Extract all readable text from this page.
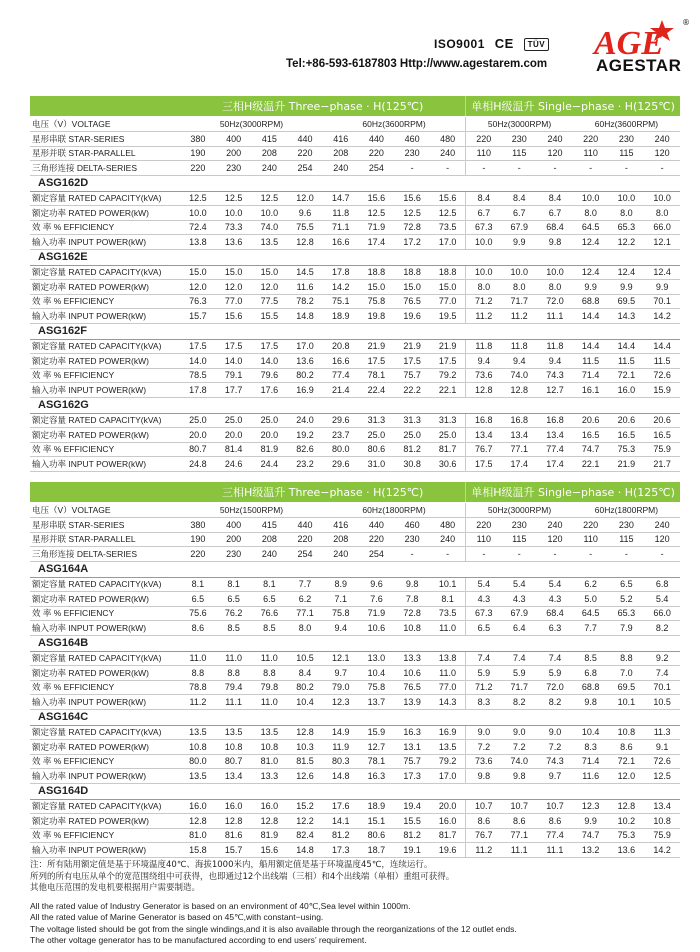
ISO9001 CE TÜV
Tel:+86-593-6187803 Http://www.agestarem.com
AGE
®
AGESTAR
	三相H级温升 Three−phase · H(125℃)								单相H级温升 Single−phase · H(125℃)					
电压（V）VOLTAGE	50Hz(3000RPM)				60Hz(3600RPM)				50Hz(3000RPM)			60Hz(3600RPM)		
星形串联 STAR-SERIES	380	400	415	440	416	440	460	480	220	230	240	220	230	240
星形并联 STAR-PARALLEL	190	200	208	220	208	220	230	240	110	115	120	110	115	120
三角形连接 DELTA-SERIES	220	230	240	254	240	254	-	-	-	-	-	-	-	-
ASG162D														
额定容量 RATED CAPACITY(kVA)	12.5	12.5	12.5	12.0	14.7	15.6	15.6	15.6	8.4	8.4	8.4	10.0	10.0	10.0
额定功率 RATED POWER(kW)	10.0	10.0	10.0	9.6	11.8	12.5	12.5	12.5	6.7	6.7	6.7	8.0	8.0	8.0
效 率 % EFFICIENCY	72.4	73.3	74.0	75.5	71.1	71.9	72.8	73.5	67.3	67.9	68.4	64.5	65.3	66.0
输入功率 INPUT POWER(kW)	13.8	13.6	13.5	12.8	16.6	17.4	17.2	17.0	10.0	9.9	9.8	12.4	12.2	12.1
ASG162E														
额定容量 RATED CAPACITY(kVA)	15.0	15.0	15.0	14.5	17.8	18.8	18.8	18.8	10.0	10.0	10.0	12.4	12.4	12.4
额定功率 RATED POWER(kW)	12.0	12.0	12.0	11.6	14.2	15.0	15.0	15.0	8.0	8.0	8.0	9.9	9.9	9.9
效 率 % EFFICIENCY	76.3	77.0	77.5	78.2	75.1	75.8	76.5	77.0	71.2	71.7	72.0	68.8	69.5	70.1
输入功率 INPUT POWER(kW)	15.7	15.6	15.5	14.8	18.9	19.8	19.6	19.5	11.2	11.2	11.1	14.4	14.3	14.2
ASG162F														
额定容量 RATED CAPACITY(kVA)	17.5	17.5	17.5	17.0	20.8	21.9	21.9	21.9	11.8	11.8	11.8	14.4	14.4	14.4
额定功率 RATED POWER(kW)	14.0	14.0	14.0	13.6	16.6	17.5	17.5	17.5	9.4	9.4	9.4	11.5	11.5	11.5
效 率 % EFFICIENCY	78.5	79.1	79.6	80.2	77.4	78.1	75.7	79.2	73.6	74.0	74.3	71.4	72.1	72.6
输入功率 INPUT POWER(kW)	17.8	17.7	17.6	16.9	21.4	22.4	22.2	22.1	12.8	12.8	12.7	16.1	16.0	15.9
ASG162G														
额定容量 RATED CAPACITY(kVA)	25.0	25.0	25.0	24.0	29.6	31.3	31.3	31.3	16.8	16.8	16.8	20.6	20.6	20.6
额定功率 RATED POWER(kW)	20.0	20.0	20.0	19.2	23.7	25.0	25.0	25.0	13.4	13.4	13.4	16.5	16.5	16.5
效 率 % EFFICIENCY	80.7	81.4	81.9	82.6	80.0	80.6	81.2	81.7	76.7	77.1	77.4	74.7	75.3	75.9
输入功率 INPUT POWER(kW)	24.8	24.6	24.4	23.2	29.6	31.0	30.8	30.6	17.5	17.4	17.4	22.1	21.9	21.7
	三相H级温升 Three−phase · H(125℃)								单相H级温升 Single−phase · H(125℃)					
电压（V）VOLTAGE	50Hz(1500RPM)				60Hz(1800RPM)				50Hz(3000RPM)			60Hz(1800RPM)		
星形串联 STAR-SERIES	380	400	415	440	416	440	460	480	220	230	240	220	230	240
星形并联 STAR-PARALLEL	190	200	208	220	208	220	230	240	110	115	120	110	115	120
三角形连接 DELTA-SERIES	220	230	240	254	240	254	-	-	-	-	-	-	-	-
ASG164A														
额定容量 RATED CAPACITY(kVA)	8.1	8.1	8.1	7.7	8.9	9.6	9.8	10.1	5.4	5.4	5.4	6.2	6.5	6.8
额定功率 RATED POWER(kW)	6.5	6.5	6.5	6.2	7.1	7.6	7.8	8.1	4.3	4.3	4.3	5.0	5.2	5.4
效 率 % EFFICIENCY	75.6	76.2	76.6	77.1	75.8	71.9	72.8	73.5	67.3	67.9	68.4	64.5	65.3	66.0
输入功率 INPUT POWER(kW)	8.6	8.5	8.5	8.0	9.4	10.6	10.8	11.0	6.5	6.4	6.3	7.7	7.9	8.2
ASG164B														
额定容量 RATED CAPACITY(kVA)	11.0	11.0	11.0	10.5	12.1	13.0	13.3	13.8	7.4	7.4	7.4	8.5	8.8	9.2
额定功率 RATED POWER(kW)	8.8	8.8	8.8	8.4	9.7	10.4	10.6	11.0	5.9	5.9	5.9	6.8	7.0	7.4
效 率 % EFFICIENCY	78.8	79.4	79.8	80.2	79.0	75.8	76.5	77.0	71.2	71.7	72.0	68.8	69.5	70.1
输入功率 INPUT POWER(kW)	11.2	11.1	11.0	10.4	12.3	13.7	13.9	14.3	8.3	8.2	8.2	9.8	10.1	10.5
ASG164C														
额定容量 RATED CAPACITY(kVA)	13.5	13.5	13.5	12.8	14.9	15.9	16.3	16.9	9.0	9.0	9.0	10.4	10.8	11.3
额定功率 RATED POWER(kW)	10.8	10.8	10.8	10.3	11.9	12.7	13.1	13.5	7.2	7.2	7.2	8.3	8.6	9.1
效 率 % EFFICIENCY	80.0	80.7	81.0	81.5	80.3	78.1	75.7	79.2	73.6	74.0	74.3	71.4	72.1	72.6
输入功率 INPUT POWER(kW)	13.5	13.4	13.3	12.6	14.8	16.3	17.3	17.0	9.8	9.8	9.7	11.6	12.0	12.5
ASG164D														
额定容量 RATED CAPACITY(kVA)	16.0	16.0	16.0	15.2	17.6	18.9	19.4	20.0	10.7	10.7	10.7	12.3	12.8	13.4
额定功率 RATED POWER(kW)	12.8	12.8	12.8	12.2	14.1	15.1	15.5	16.0	8.6	8.6	8.6	9.9	10.2	10.8
效 率 % EFFICIENCY	81.0	81.6	81.9	82.4	81.2	80.6	81.2	81.7	76.7	77.1	77.4	74.7	75.3	75.9
输入功率 INPUT POWER(kW)	15.8	15.7	15.6	14.8	17.3	18.7	19.1	19.6	11.2	11.1	11.1	13.2	13.6	14.2
注：所有陆用额定值是基于环境温度40℃、海拔1000米内，船用额定值是基于环境温度45℃，连续运行。
所列的所有电压从单个的宽范围绕组中可获得，也即通过12个出线端（三相）和4个出线端（单相）重组可获得。
其他电压范围的发电机要根据用户需要制造。
All the rated value of Industry Generator is based on an environment of 40℃,Sea level within 1000m.
All the rated value of Marine Generator is based on 45℃,with constant−using.
The voltage listed should be got from the single windings,and it is also available through the reorganizations of the 12 outlet ends.
The other voltage generator has to be manufactured according to end users’ requirement.
